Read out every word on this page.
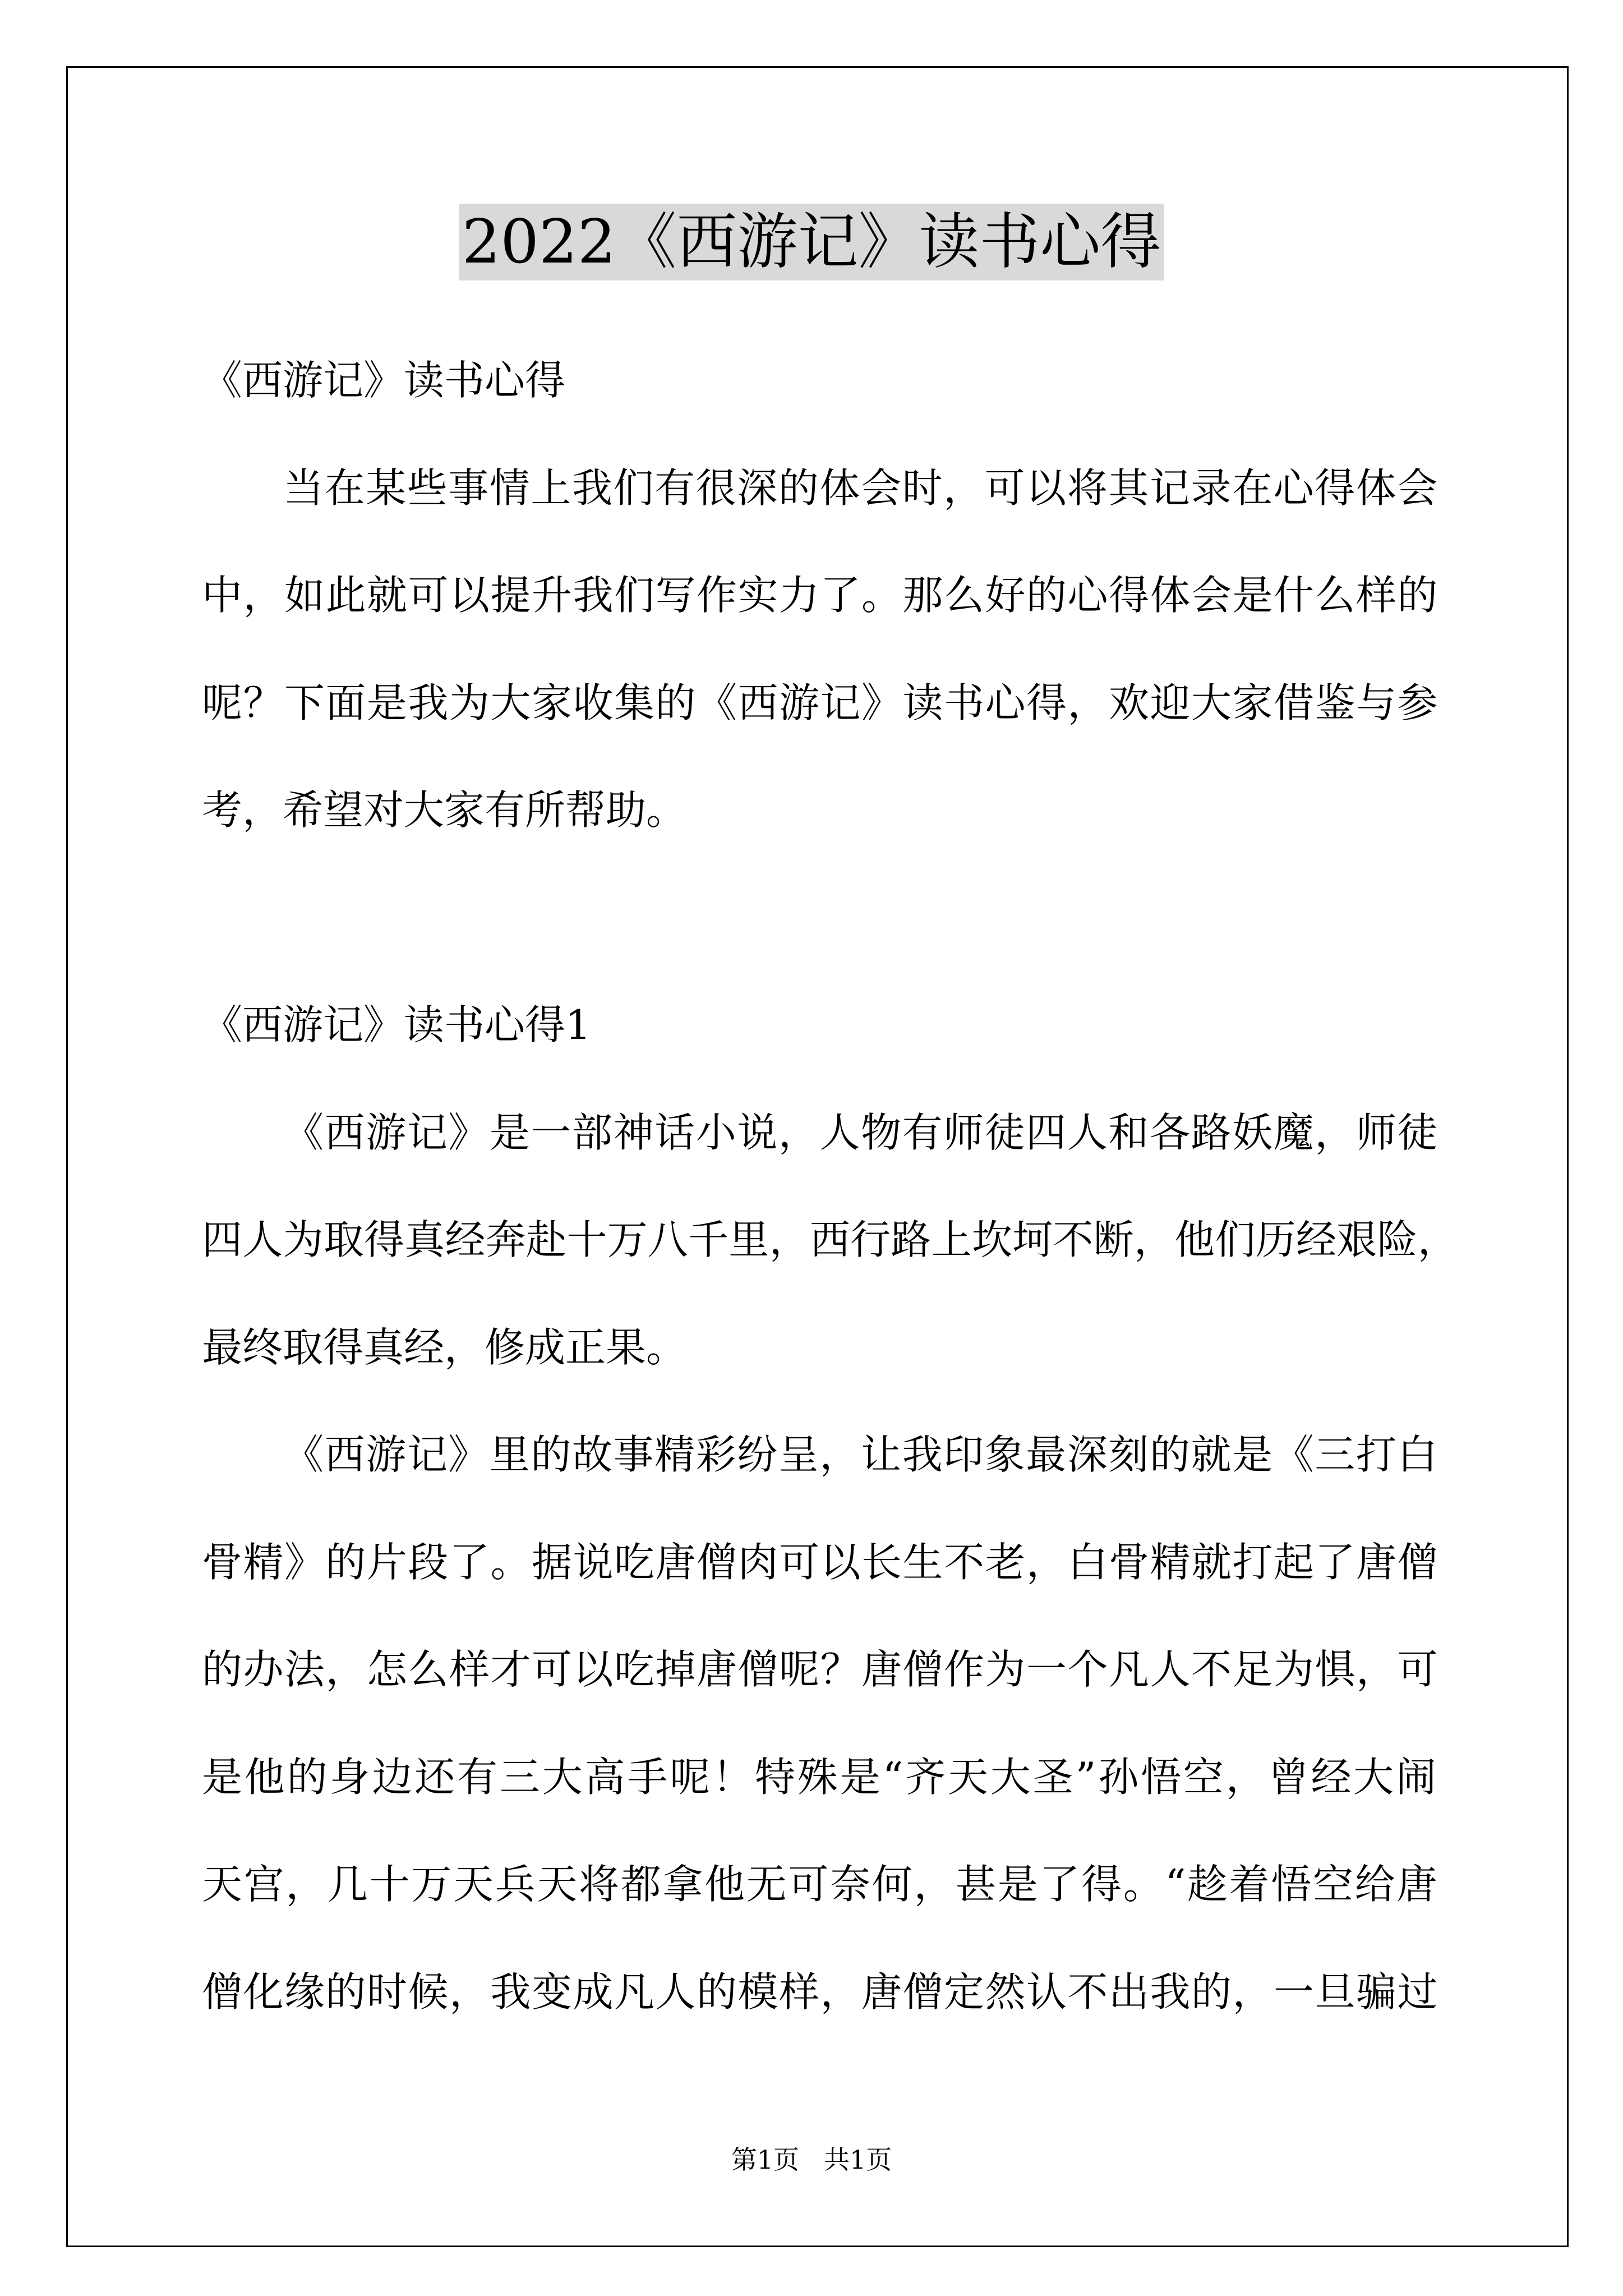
2022《西游记》读书心得
《西游记》读书心得
当在某些事情上我们有很深的体会时，可以将其记录在心得体会
中，如此就可以提升我们写作实力了。那么好的心得体会是什么样的
呢？下面是我为大家收集的《西游记》读书心得，欢迎大家借鉴与参
考，希望对大家有所帮助。
《西游记》读书心得1
《西游记》是一部神话小说，人物有师徒四人和各路妖魔，师徒
四人为取得真经奔赴十万八千里，西行路上坎坷不断，他们历经艰险，
最终取得真经，修成正果。
《西游记》里的故事精彩纷呈，让我印象最深刻的就是《三打白
骨精》的片段了。据说吃唐僧肉可以长生不老，白骨精就打起了唐僧
的办法，怎么样才可以吃掉唐僧呢？唐僧作为一个凡人不足为惧，可
是他的身边还有三大高手呢！特殊是“齐天大圣”孙悟空，曾经大闹
天宫，几十万天兵天将都拿他无可奈何，甚是了得。“趁着悟空给唐
僧化缘的时候，我变成凡人的模样，唐僧定然认不出我的，一旦骗过
第1页 共1页
